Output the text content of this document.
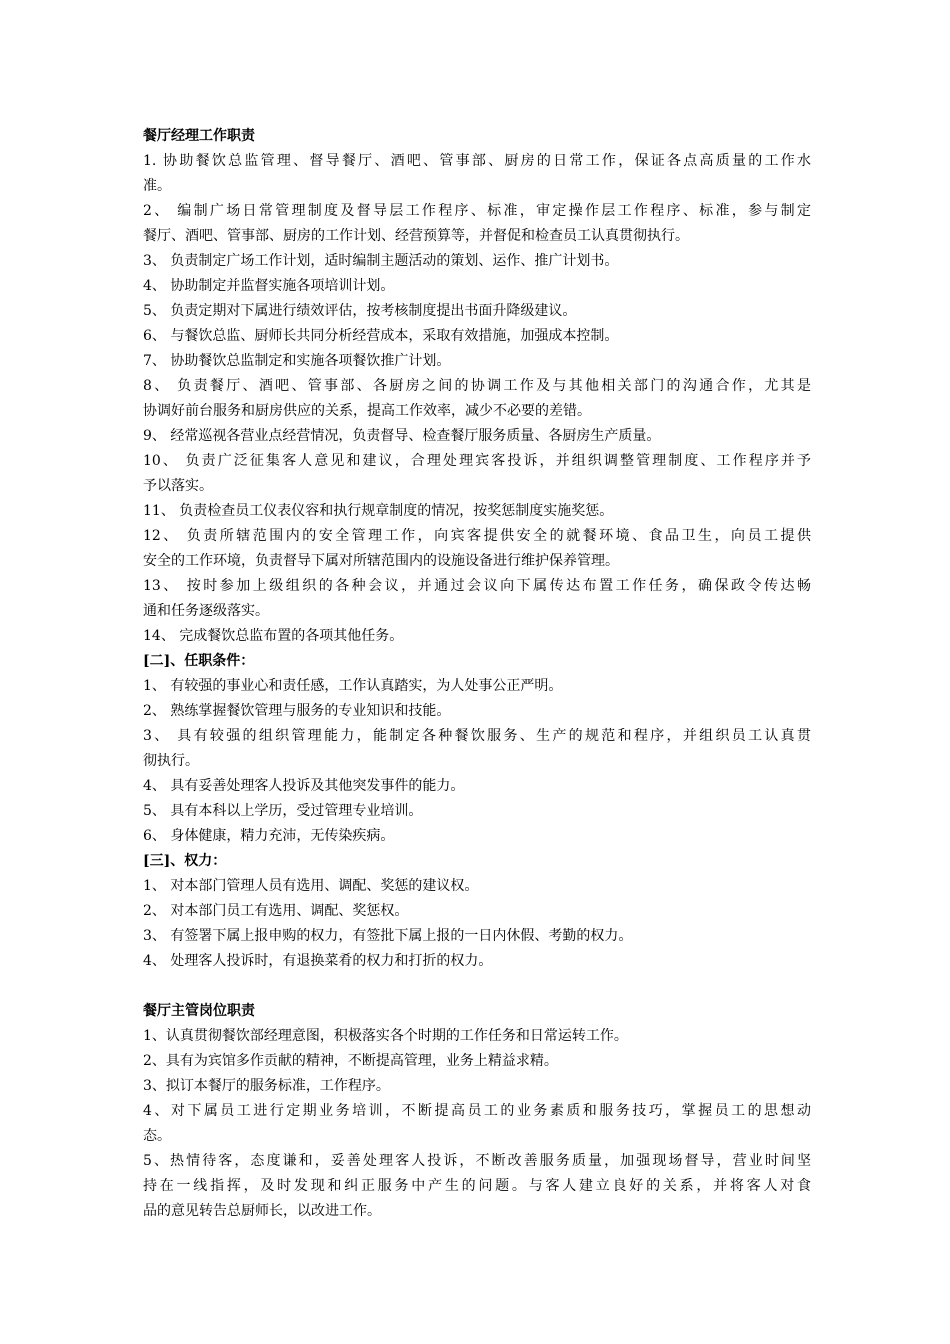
餐厅经理工作职责
1. 协助餐饮总监管理、督导餐厅、酒吧、管事部、厨房的日常工作，保证各点高质量的工作水
准。
2、 编制广场日常管理制度及督导层工作程序、标准，审定操作层工作程序、标准，参与制定
餐厅、酒吧、管事部、厨房的工作计划、经营预算等，并督促和检查员工认真贯彻执行。
3、 负责制定广场工作计划，适时编制主题活动的策划、运作、推广计划书。
4、 协助制定并监督实施各项培训计划。
5、 负责定期对下属进行绩效评估，按考核制度提出书面升降级建议。
6、 与餐饮总监、厨师长共同分析经营成本，采取有效措施，加强成本控制。
7、 协助餐饮总监制定和实施各项餐饮推广计划。
8、 负责餐厅、酒吧、管事部、各厨房之间的协调工作及与其他相关部门的沟通合作，尤其是
协调好前台服务和厨房供应的关系，提高工作效率，减少不必要的差错。
9、 经常巡视各营业点经营情况，负责督导、检查餐厅服务质量、各厨房生产质量。
10、 负责广泛征集客人意见和建议，合理处理宾客投诉，并组织调整管理制度、工作程序并予
予以落实。
11、 负责检查员工仪表仪容和执行规章制度的情况，按奖惩制度实施奖惩。
12、 负责所辖范围内的安全管理工作，向宾客提供安全的就餐环境、食品卫生，向员工提供
安全的工作环境，负责督导下属对所辖范围内的设施设备进行维护保养管理。
13、 按时参加上级组织的各种会议，并通过会议向下属传达布置工作任务，确保政令传达畅
通和任务逐级落实。
14、 完成餐饮总监布置的各项其他任务。
[二]、任职条件：
1、 有较强的事业心和责任感，工作认真踏实，为人处事公正严明。
2、 熟练掌握餐饮管理与服务的专业知识和技能。
3、 具有较强的组织管理能力，能制定各种餐饮服务、生产的规范和程序，并组织员工认真贯
彻执行。
4、 具有妥善处理客人投诉及其他突发事件的能力。
5、 具有本科以上学历，受过管理专业培训。
6、 身体健康，精力充沛，无传染疾病。
[三]、权力：
1、 对本部门管理人员有选用、调配、奖惩的建议权。
2、 对本部门员工有选用、调配、奖惩权。
3、 有签署下属上报申购的权力，有签批下属上报的一日内休假、考勤的权力。
4、 处理客人投诉时，有退换菜肴的权力和打折的权力。
餐厅主管岗位职责
1、认真贯彻餐饮部经理意图，积极落实各个时期的工作任务和日常运转工作。
2、具有为宾馆多作贡献的精神，不断提高管理，业务上精益求精。
3、拟订本餐厅的服务标准，工作程序。
4、对下属员工进行定期业务培训，不断提高员工的业务素质和服务技巧，掌握员工的思想动
态。
5、热情待客，态度谦和，妥善处理客人投诉，不断改善服务质量，加强现场督导，营业时间坚
持在一线指挥，及时发现和纠正服务中产生的问题。与客人建立良好的关系，并将客人对食
品的意见转告总厨师长，以改进工作。
